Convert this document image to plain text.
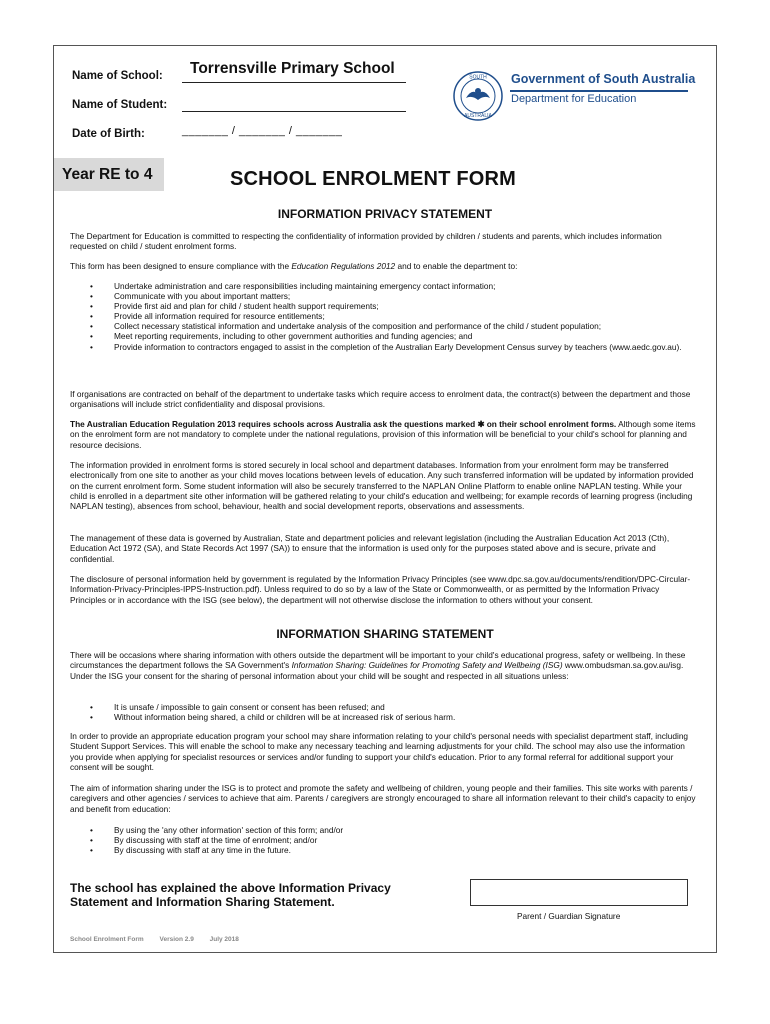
Name of School: Torrensville Primary School
Name of Student:
Date of Birth:	_______ / _______ / _______
SOUTH
AUSTRALIA
Government of South Australia
Department for Education
Year RE to 4	SCHOOL ENROLMENT FORM
INFORMATION PRIVACY STATEMENT
The Department for Education is committed to respecting the confidentiality of information provided by children / students and parents, which includes information requested on child / student enrolment forms.
This form has been designed to ensure compliance with the Education Regulations 2012 and to enable the department to:
• Undertake administration and care responsibilities including maintaining emergency contact information;
• Communicate with you about important matters;
• Provide first aid and plan for child / student health support requirements;
• Provide all information required for resource entitlements;
• Collect necessary statistical information and undertake analysis of the composition and performance of the child / student population;
• Meet reporting requirements, including to other government authorities and funding agencies; and
• Provide information to contractors engaged to assist in the completion of the Australian Early Development Census survey by teachers (www.aedc.gov.au).
If organisations are contracted on behalf of the department to undertake tasks which require access to enrolment data, the contract(s) between the department and those organisations will include strict confidentiality and disposal provisions.
The Australian Education Regulation 2013 requires schools across Australia ask the questions marked ✱ on their school enrolment forms. Although some items on the enrolment form are not mandatory to complete under the national regulations, provision of this information will be beneficial to your child's school for planning and resource decisions.
The information provided in enrolment forms is stored securely in local school and department databases. Information from your enrolment form may be transferred electronically from one site to another as your child moves locations between levels of education. Any such transferred information will be updated by information provided on the current enrolment form. Some student information will also be securely transferred to the NAPLAN Online Platform to enable online NAPLAN testing. While your child is enrolled in a department site other information will be gathered relating to your child's education and wellbeing; for example records of learning progress (including NAPLAN testing), absences from school, behaviour, health and social development reports, observations and assessments.
The management of these data is governed by Australian, State and department policies and relevant legislation (including the Australian Education Act 2013 (Cth), Education Act 1972 (SA), and State Records Act 1997 (SA)) to ensure that the information is used only for the purposes stated above and is secure, private and confidential.
The disclosure of personal information held by government is regulated by the Information Privacy Principles (see www.dpc.sa.gov.au/documents/rendition/DPC-Circular-Information-Privacy-Principles-IPPS-Instruction.pdf). Unless required to do so by a law of the State or Commonwealth, or as permitted by the Information Privacy Principles or in accordance with the ISG (see below), the department will not otherwise disclose the information to others without your consent.
INFORMATION SHARING STATEMENT
There will be occasions where sharing information with others outside the department will be important to your child's educational progress, safety or wellbeing. In these circumstances the department follows the SA Government's Information Sharing: Guidelines for Promoting Safety and Wellbeing (ISG) www.ombudsman.sa.gov.au/isg. Under the ISG your consent for the sharing of personal information about your child will be sought and respected in all situations unless:
• It is unsafe / impossible to gain consent or consent has been refused; and
• Without information being shared, a child or children will be at increased risk of serious harm.
In order to provide an appropriate education program your school may share information relating to your child's personal needs with specialist department staff, including Student Support Services. This will enable the school to make any necessary teaching and learning adjustments for your child. The school may also use the information you provide when applying for specialist resources or services and/or funding to support your child's education. Prior to any formal referral for additional support your consent will be sought.
The aim of information sharing under the ISG is to protect and promote the safety and wellbeing of children, young people and their families. This site works with parents / caregivers and other agencies / services to achieve that aim. Parents / caregivers are strongly encouraged to share all information relevant to their child's capacity to enjoy and benefit from education:
• By using the 'any other information' section of this form; and/or
• By discussing with staff at the time of enrolment; and/or
• By discussing with staff at any time in the future.
The school has explained the above Information Privacy Statement and Information Sharing Statement.
Parent / Guardian Signature
School Enrolment Form Version 2.9 July 2018
